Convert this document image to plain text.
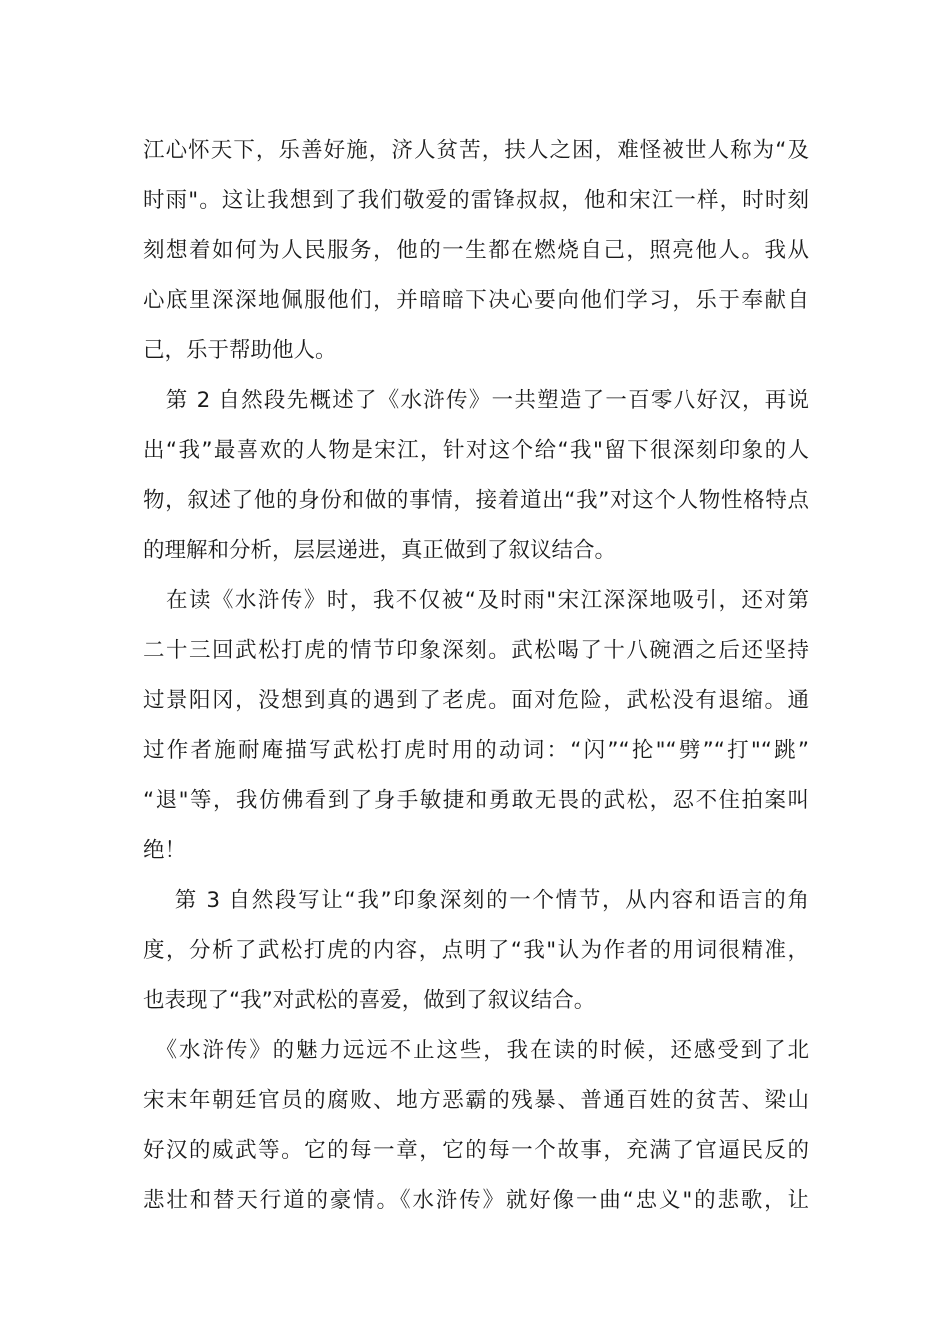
江心怀天下，乐善好施，济人贫苦，扶人之困，难怪被世人称为“及
时雨"。这让我想到了我们敬爱的雷锋叔叔，他和宋江一样，时时刻
刻想着如何为人民服务，他的一生都在燃烧自己，照亮他人。我从
心底里深深地佩服他们，并暗暗下决心要向他们学习，乐于奉献自
己，乐于帮助他人。
　第 2 自然段先概述了《水浒传》一共塑造了一百零八好汉，再说
出“我”最喜欢的人物是宋江，针对这个给“我"留下很深刻印象的人
物，叙述了他的身份和做的事情，接着道出“我”对这个人物性格特点
的理解和分析，层层递进，真正做到了叙议结合。
　在读《水浒传》时，我不仅被“及时雨"宋江深深地吸引，还对第
二十三回武松打虎的情节印象深刻。武松喝了十八碗酒之后还坚持
过景阳冈，没想到真的遇到了老虎。面对危险，武松没有退缩。通
过作者施耐庵描写武松打虎时用的动词：“闪”“抡"“劈”“打"“跳”
“退"等，我仿佛看到了身手敏捷和勇敢无畏的武松，忍不住拍案叫
绝！
　 第 3 自然段写让“我”印象深刻的一个情节，从内容和语言的角
度，分析了武松打虎的内容，点明了“我"认为作者的用词很精准，
也表现了“我”对武松的喜爱，做到了叙议结合。
　《水浒传》的魅力远远不止这些，我在读的时候，还感受到了北
宋末年朝廷官员的腐败、地方恶霸的残暴、普通百姓的贫苦、梁山
好汉的威武等。它的每一章，它的每一个故事，充满了官逼民反的
悲壮和替天行道的豪情。《水浒传》就好像一曲“忠义"的悲歌，让
